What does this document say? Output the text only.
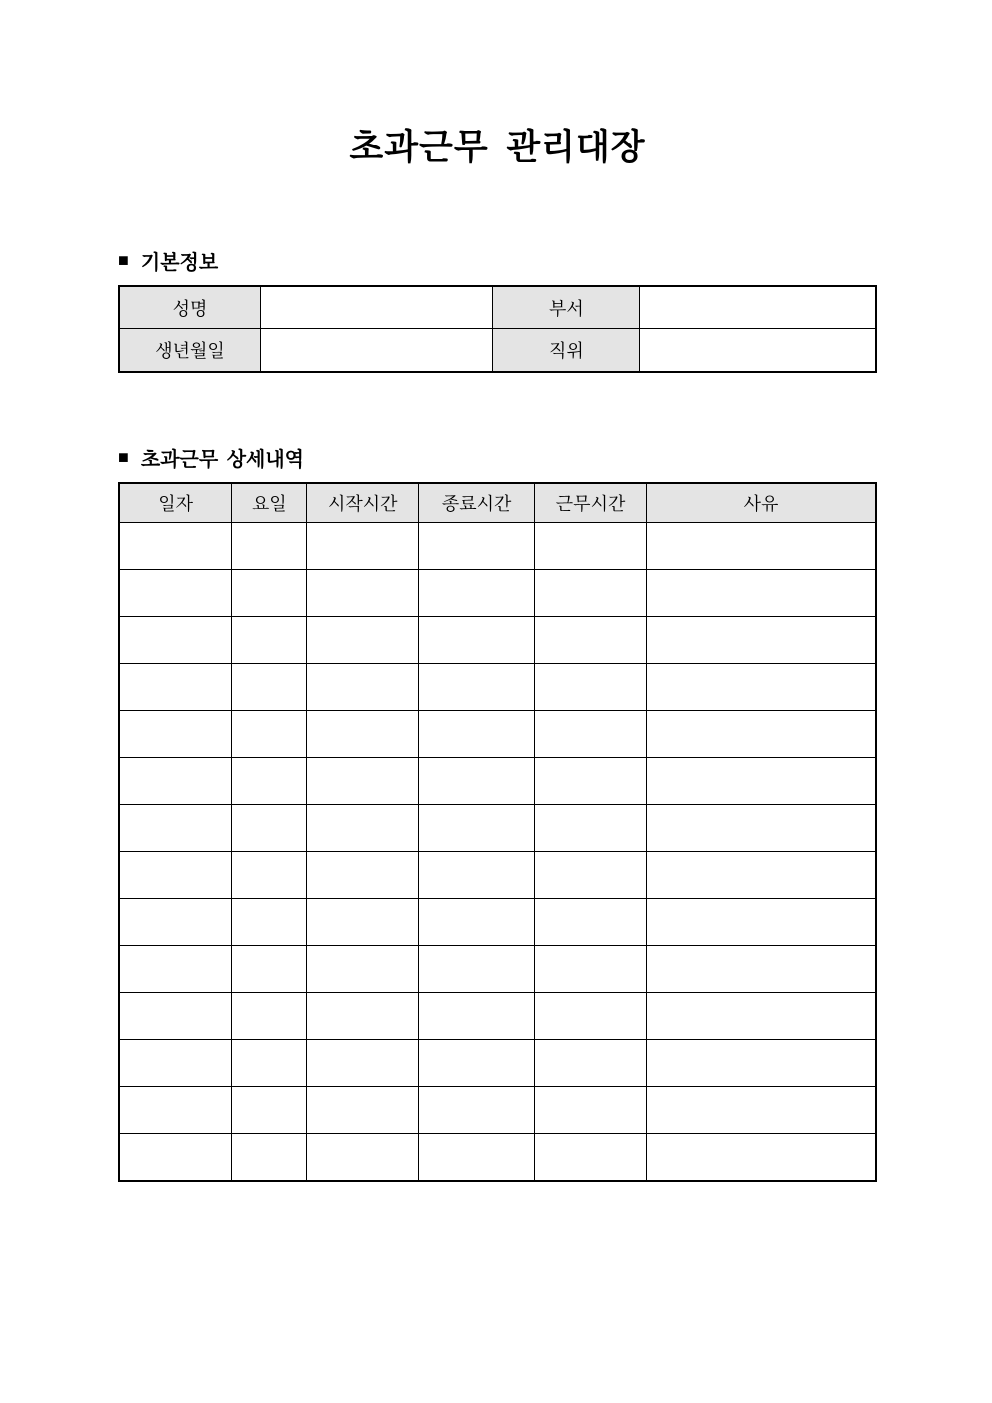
초과근무 관리대장
■ 기본정보
성명		부서	
생년월일		직위	
■ 초과근무 상세내역
일자	요일	시작시간	종료시간	근무시간	사유
